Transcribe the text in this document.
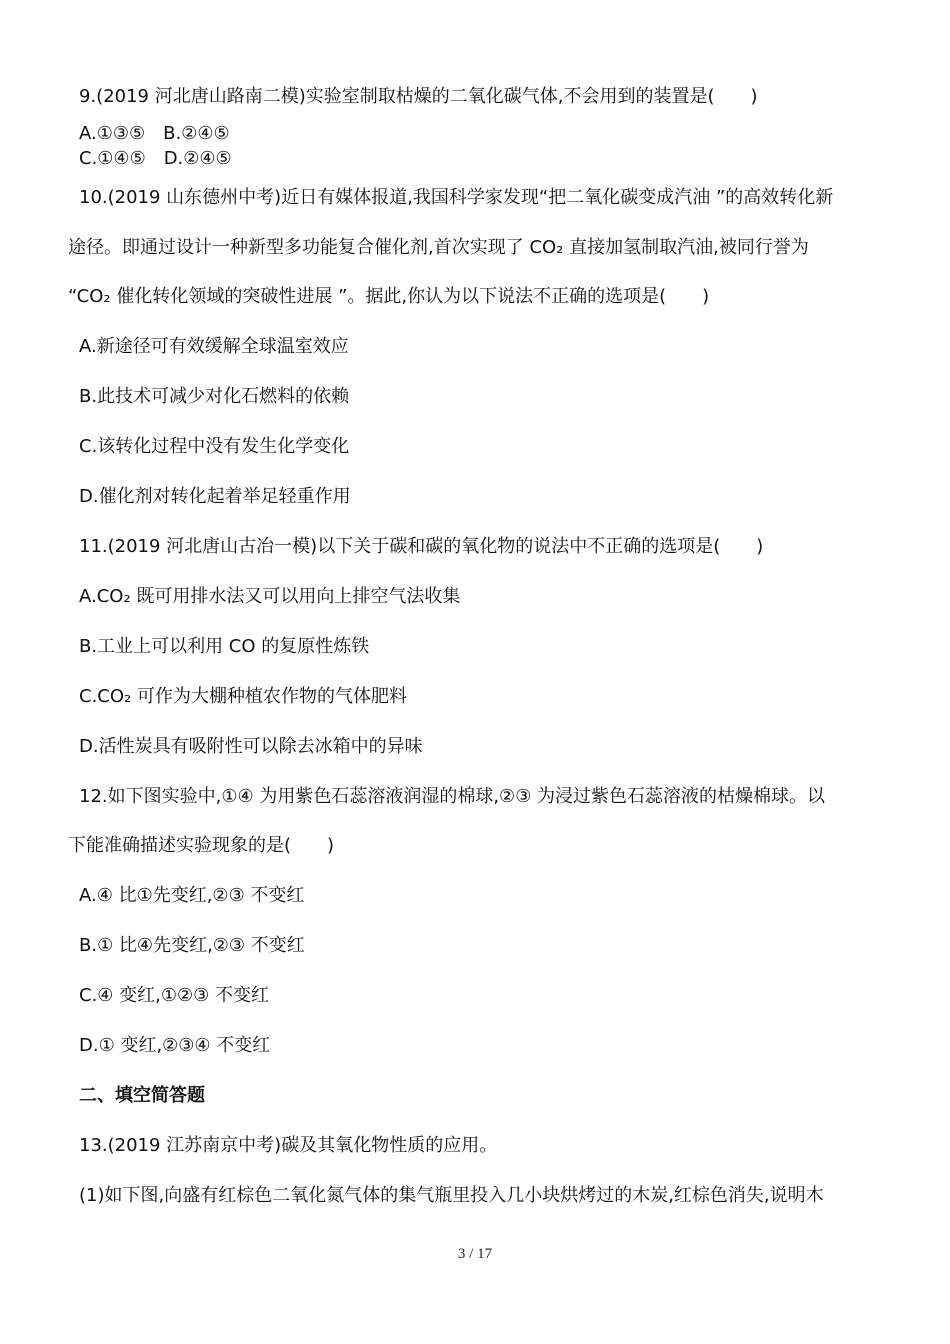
9.(2019 河北唐山路南二模)实验室制取枯燥的二氧化碳气体,不会用到的装置是(　　)
A.①③⑤　B.②④⑤
C.①④⑤　D.②④⑤
10.(2019 山东德州中考)近日有媒体报道,我国科学家发现“把二氧化碳变成汽油 ”的高效转化新
途径。即通过设计一种新型多功能复合催化剂,首次实现了 CO₂ 直接加氢制取汽油,被同行誉为
“CO₂ 催化转化领域的突破性进展 ”。据此,你认为以下说法不正确的选项是(　　)
A.新途径可有效缓解全球温室效应
B.此技术可减少对化石燃料的依赖
C.该转化过程中没有发生化学变化
D.催化剂对转化起着举足轻重作用
11.(2019 河北唐山古冶一模)以下关于碳和碳的氧化物的说法中不正确的选项是(　　)
A.CO₂ 既可用排水法又可以用向上排空气法收集
B.工业上可以利用 CO 的复原性炼铁
C.CO₂ 可作为大棚种植农作物的气体肥料
D.活性炭具有吸附性可以除去冰箱中的异味
12.如下图实验中,①④ 为用紫色石蕊溶液润湿的棉球,②③ 为浸过紫色石蕊溶液的枯燥棉球。以
下能准确描述实验现象的是(　　)
A.④ 比①先变红,②③ 不变红
B.① 比④先变红,②③ 不变红
C.④ 变红,①②③ 不变红
D.① 变红,②③④ 不变红
二、填空简答题
13.(2019 江苏南京中考)碳及其氧化物性质的应用。
(1)如下图,向盛有红棕色二氧化氮气体的集气瓶里投入几小块烘烤过的木炭,红棕色消失,说明木
3 / 17
